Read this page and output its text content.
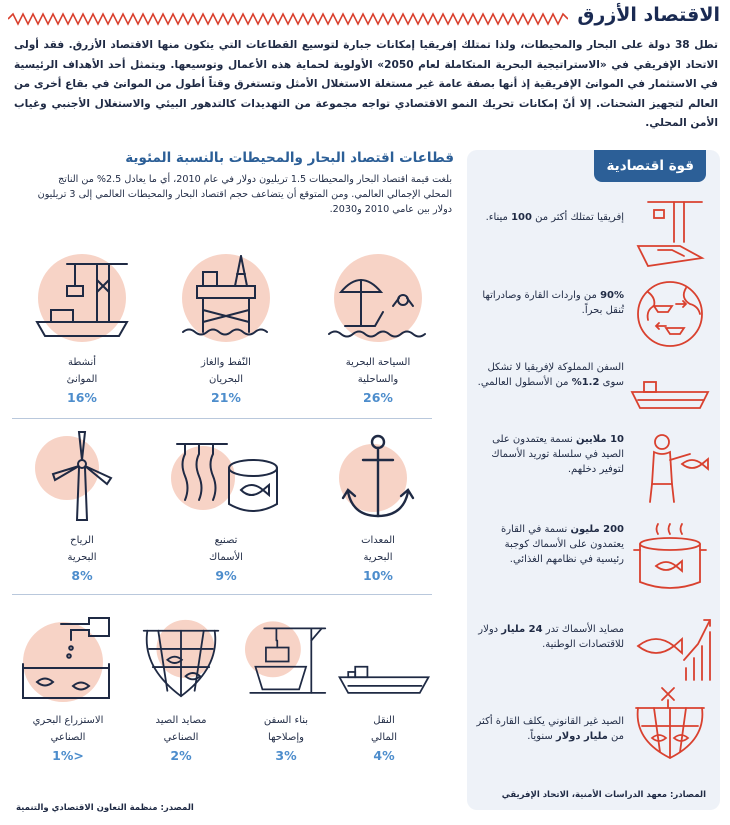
الاقتصاد الأزرق
تطل 38 دولة على البحار والمحيطات، ولذا تمتلك إفريقيا إمكانات جبارة لتوسيع القطاعات التي يتكون منها الاقتصاد الأزرق. فقد أولى الاتحاد الإفريقي في «الاستراتيجية البحرية المتكاملة لعام 2050» الأولوية لحماية هذه الأعمال وتوسيعها. ويتمثل أحد الأهداف الرئيسية في الاستثمار في الموانئ الإفريقية إذ أنها بصفة عامة غير مستغلة الاستغلال الأمثل وتستغرق وقتاً أطول من الموانئ في بقاع أخرى من العالم لتجهيز الشحنات. إلا أنّ إمكانات تحريك النمو الاقتصادي تواجه مجموعة من التهديدات كالتدهور البيئي والاستغلال الأجنبي وغياب الأمن المحلي.
قطاعات اقتصاد البحار والمحيطات بالنسبة المئوية
بلغت قيمة اقتصاد البحار والمحيطات 1.5 تريليون دولار في عام 2010، أي ما يعادل 2.5% من الناتج المحلي الإجمالي العالمي. ومن المتوقع أن يتضاعف حجم اقتصاد البحار والمحيطات العالمي إلى 3 تريليون دولار بين عامي 2010 و2030.
السياحة البحرية
والساحلية
26%
النّفط والغاز
البحريان
21%
أنشطة
الموانئ
16%
المعدات
البحرية
10%
تصنيع
الأسماك
9%
الرياح
البحرية
8%
النقل
المالي
4%
بناء السفن
وإصلاحها
3%
مصايد الصيد
الصناعي
2%
الاستزراع البحري
الصناعي
<1%
المصدر: منظمة التعاون الاقتصادي والتنمية
قوة اقتصادية
إفريقيا تمتلك أكثر من 100 ميناء.
90% من واردات القارة وصادراتها تُنقل بحراً.
السفن المملوكة لإفريقيا لا تشكل سوى 1.2% من الأسطول العالمي.
10 ملايين نسمة يعتمدون على الصيد في سلسلة توريد الأسماك لتوفير دخلهم.
200 مليون نسمة في القارة يعتمدون على الأسماك كوجبة رئيسية في نظامهم الغذائي.
مصايد الأسماك تدر 24 مليار دولار للاقتصادات الوطنية.
الصيد غير القانوني يكلف القارة أكثر من مليار دولار سنوياً.
المصادر: معهد الدراسات الأمنية، الاتحاد الإفريقي
